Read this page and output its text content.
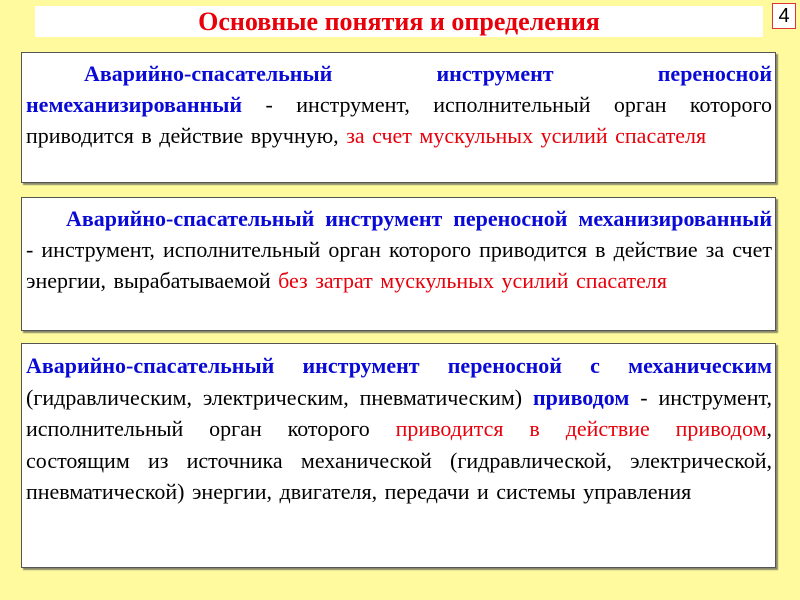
Основные понятия и определения	4

Аварийно-спасательный инструмент переносной немеханизированный - инструмент, исполнительный орган которого приводится в действие вручную, за счет мускульных усилий спасателя

Аварийно-спасательный инструмент переносной механизированный - инструмент, исполнительный орган которого приводится в действие за счет энергии, вырабатываемой без затрат мускульных усилий спасателя

Аварийно-спасательный инструмент переносной с механическим (гидравлическим, электрическим, пневматическим) приводом - инструмент, исполнительный орган которого приводится в действие приводом, состоящим из источника механической (гидравлической, электрической, пневматической) энергии, двигателя, передачи и системы управления
